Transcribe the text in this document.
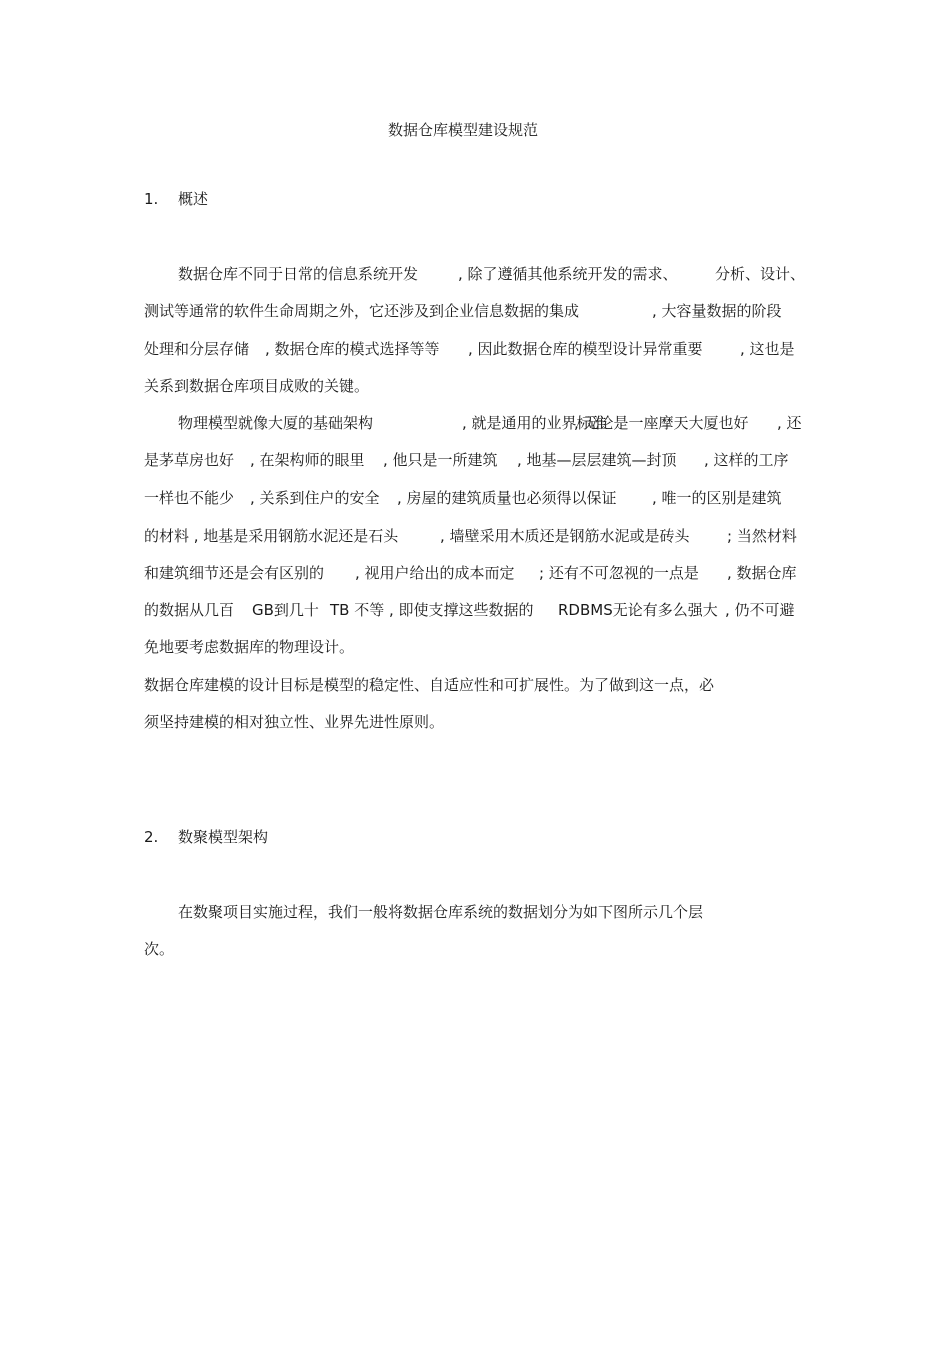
数据仓库模型建设规范
1. 概述
数据仓库不同于日常的信息系统开发	, 除了遵循其他系统开发的需求、 分析、设计、
测试等通常的软件生命周期之外，它还涉及到企业信息数据的集成	, 大容量数据的阶段
处理和分层存储 , 数据仓库的模式选择等等 , 因此数据仓库的模型设计异常重要 , 这也是
关系到数据仓库项目成败的关键。
物理模型就像大厦的基础架构	, 就是通用的业界标准
, 无论是一座摩天大厦也好 , 还
是茅草房也好 , 在架构师的眼里 , 他只是一所建筑 , 地基—层层建筑—封顶 , 这样的工序
一样也不能少 , 关系到住户的安全 , 房屋的建筑质量也必须得以保证 , 唯一的区别是建筑
的材料 , 地基是采用钢筋水泥还是石头	, 墙壁采用木质还是钢筋水泥或是砖头 ; 当然材料
和建筑细节还是会有区别的 , 视用户给出的成本而定 ; 还有不可忽视的一点是 , 数据仓库
的数据从几百 GB到几十 TB 不等 , 即使支撑这些数据的 RDBMS无论有多么强大 , 仍不可避
免地要考虑数据库的物理设计。
数据仓库建模的设计目标是模型的稳定性、自适应性和可扩展性。为了做到这一点，必
须坚持建模的相对独立性、业界先进性原则。
2. 数聚模型架构
在数聚项目实施过程，我们一般将数据仓库系统的数据划分为如下图所示几个层
次。
